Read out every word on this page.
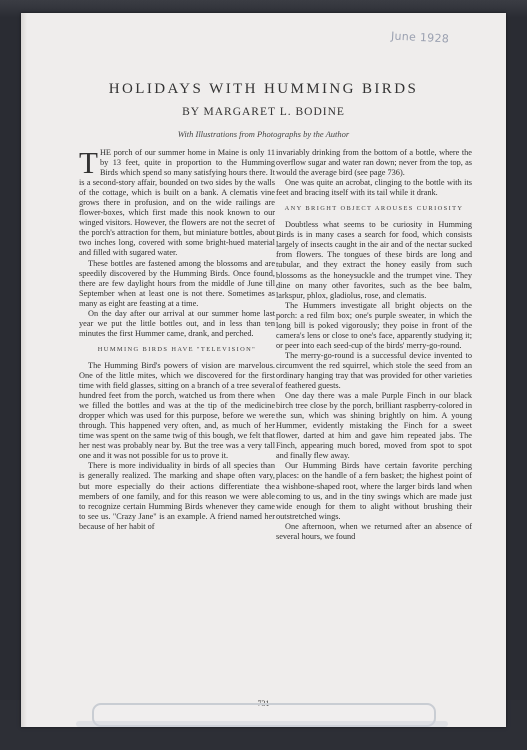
June 1928
HOLIDAYS WITH HUMMING BIRDS
BY MARGARET L. BODINE
With Illustrations from Photographs by the Author

THE porch of our summer home in Maine is only 11 by 13 feet, quite in proportion to the Humming Birds which spend so many satisfying hours there. It is a second-story affair, bounded on two sides by the walls of the cottage, which is built on a bank. A clematis vine grows there in profusion, and on the wide railings are flower-boxes, which first made this nook known to our winged visitors. However, the flowers are not the secret of the porch's attraction for them, but miniature bottles, about two inches long, covered with some bright-hued material and filled with sugared water.

These bottles are fastened among the blossoms and are speedily discovered by the Humming Birds. Once found, there are few daylight hours from the middle of June till September when at least one is not there. Sometimes as many as eight are feasting at a time.

On the day after our arrival at our summer home last year we put the little bottles out, and in less than ten minutes the first Hummer came, drank, and perched.

HUMMING BIRDS HAVE "TELEVISION"

The Humming Bird's powers of vision are marvelous. One of the little mites, which we discovered for the first time with field glasses, sitting on a branch of a tree several hundred feet from the porch, watched us from there when we filled the bottles and was at the tip of the medicine dropper which was used for this purpose, before we were through. This happened very often, and, as much of her time was spent on the same twig of this bough, we felt that her nest was probably near by. But the tree was a very tall one and it was not possible for us to prove it.

There is more individuality in birds of all species than is generally realized. The marking and shape often vary, but more especially do their actions differentiate the members of one family, and for this reason we were able to recognize certain Humming Birds whenever they came to see us. "Crazy Jane" is an example. A friend named her because of her habit of

invariably drinking from the bottom of a bottle, where the overflow sugar and water ran down; never from the top, as would the average bird (see page 736).

One was quite an acrobat, clinging to the bottle with its feet and bracing itself with its tail while it drank.

ANY BRIGHT OBJECT AROUSES CURIOSITY

Doubtless what seems to be curiosity in Humming Birds is in many cases a search for food, which consists largely of insects caught in the air and of the nectar sucked from flowers. The tongues of these birds are long and tubular, and they extract the honey easily from such blossoms as the honeysuckle and the trumpet vine. They dine on many other favorites, such as the bee balm, larkspur, phlox, gladiolus, rose, and clematis.

The Hummers investigate all bright objects on the porch: a red film box; one's purple sweater, in which the long bill is poked vigorously; they poise in front of the camera's lens or close to one's face, apparently studying it; or peer into each seed-cup of the birds' merry-go-round.

The merry-go-round is a successful device invented to circumvent the red squirrel, which stole the seed from an ordinary hanging tray that was provided for other varieties of feathered guests.

One day there was a male Purple Finch in our black birch tree close by the porch, brilliant raspberry-colored in the sun, which was shining brightly on him. A young Hummer, evidently mistaking the Finch for a sweet flower, darted at him and gave him repeated jabs. The Finch, appearing much bored, moved from spot to spot and finally flew away.

Our Humming Birds have certain favorite perching places: on the handle of a fern basket; the highest point of a wishbone-shaped root, where the larger birds land when coming to us, and in the tiny swings which are made just wide enough for them to alight without brushing their outstretched wings.

One afternoon, when we returned after an absence of several hours, we found

731
